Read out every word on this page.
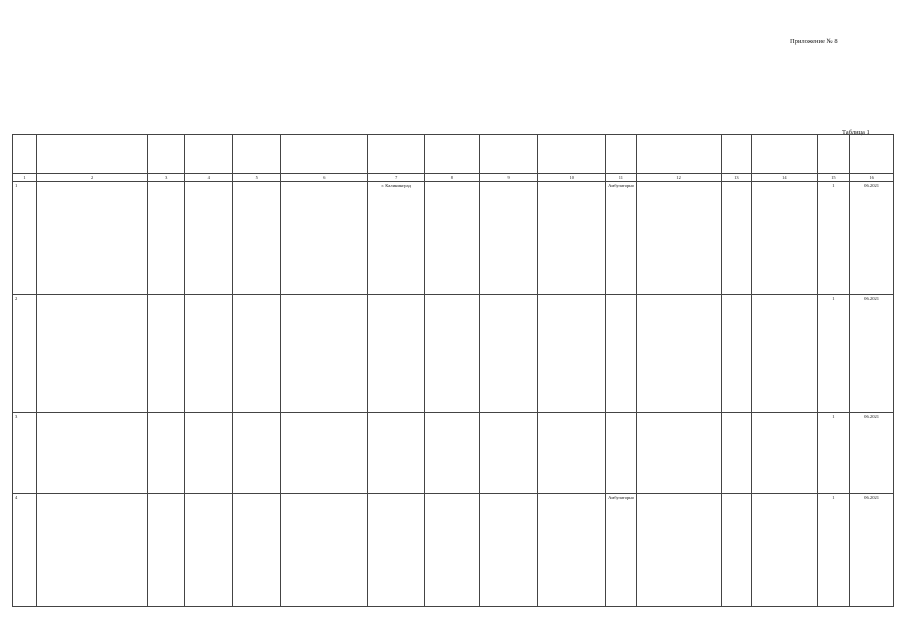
Приложение № 8
Таблица 1

1	2	3	4	5	6	7	8	9	10	11	12	13	14	15	16
1						г. Калининград				Амбулаторно				1	06.2021
2														1	06.2021
3														1	06.2021
4										Амбулаторно				1	06.2021
